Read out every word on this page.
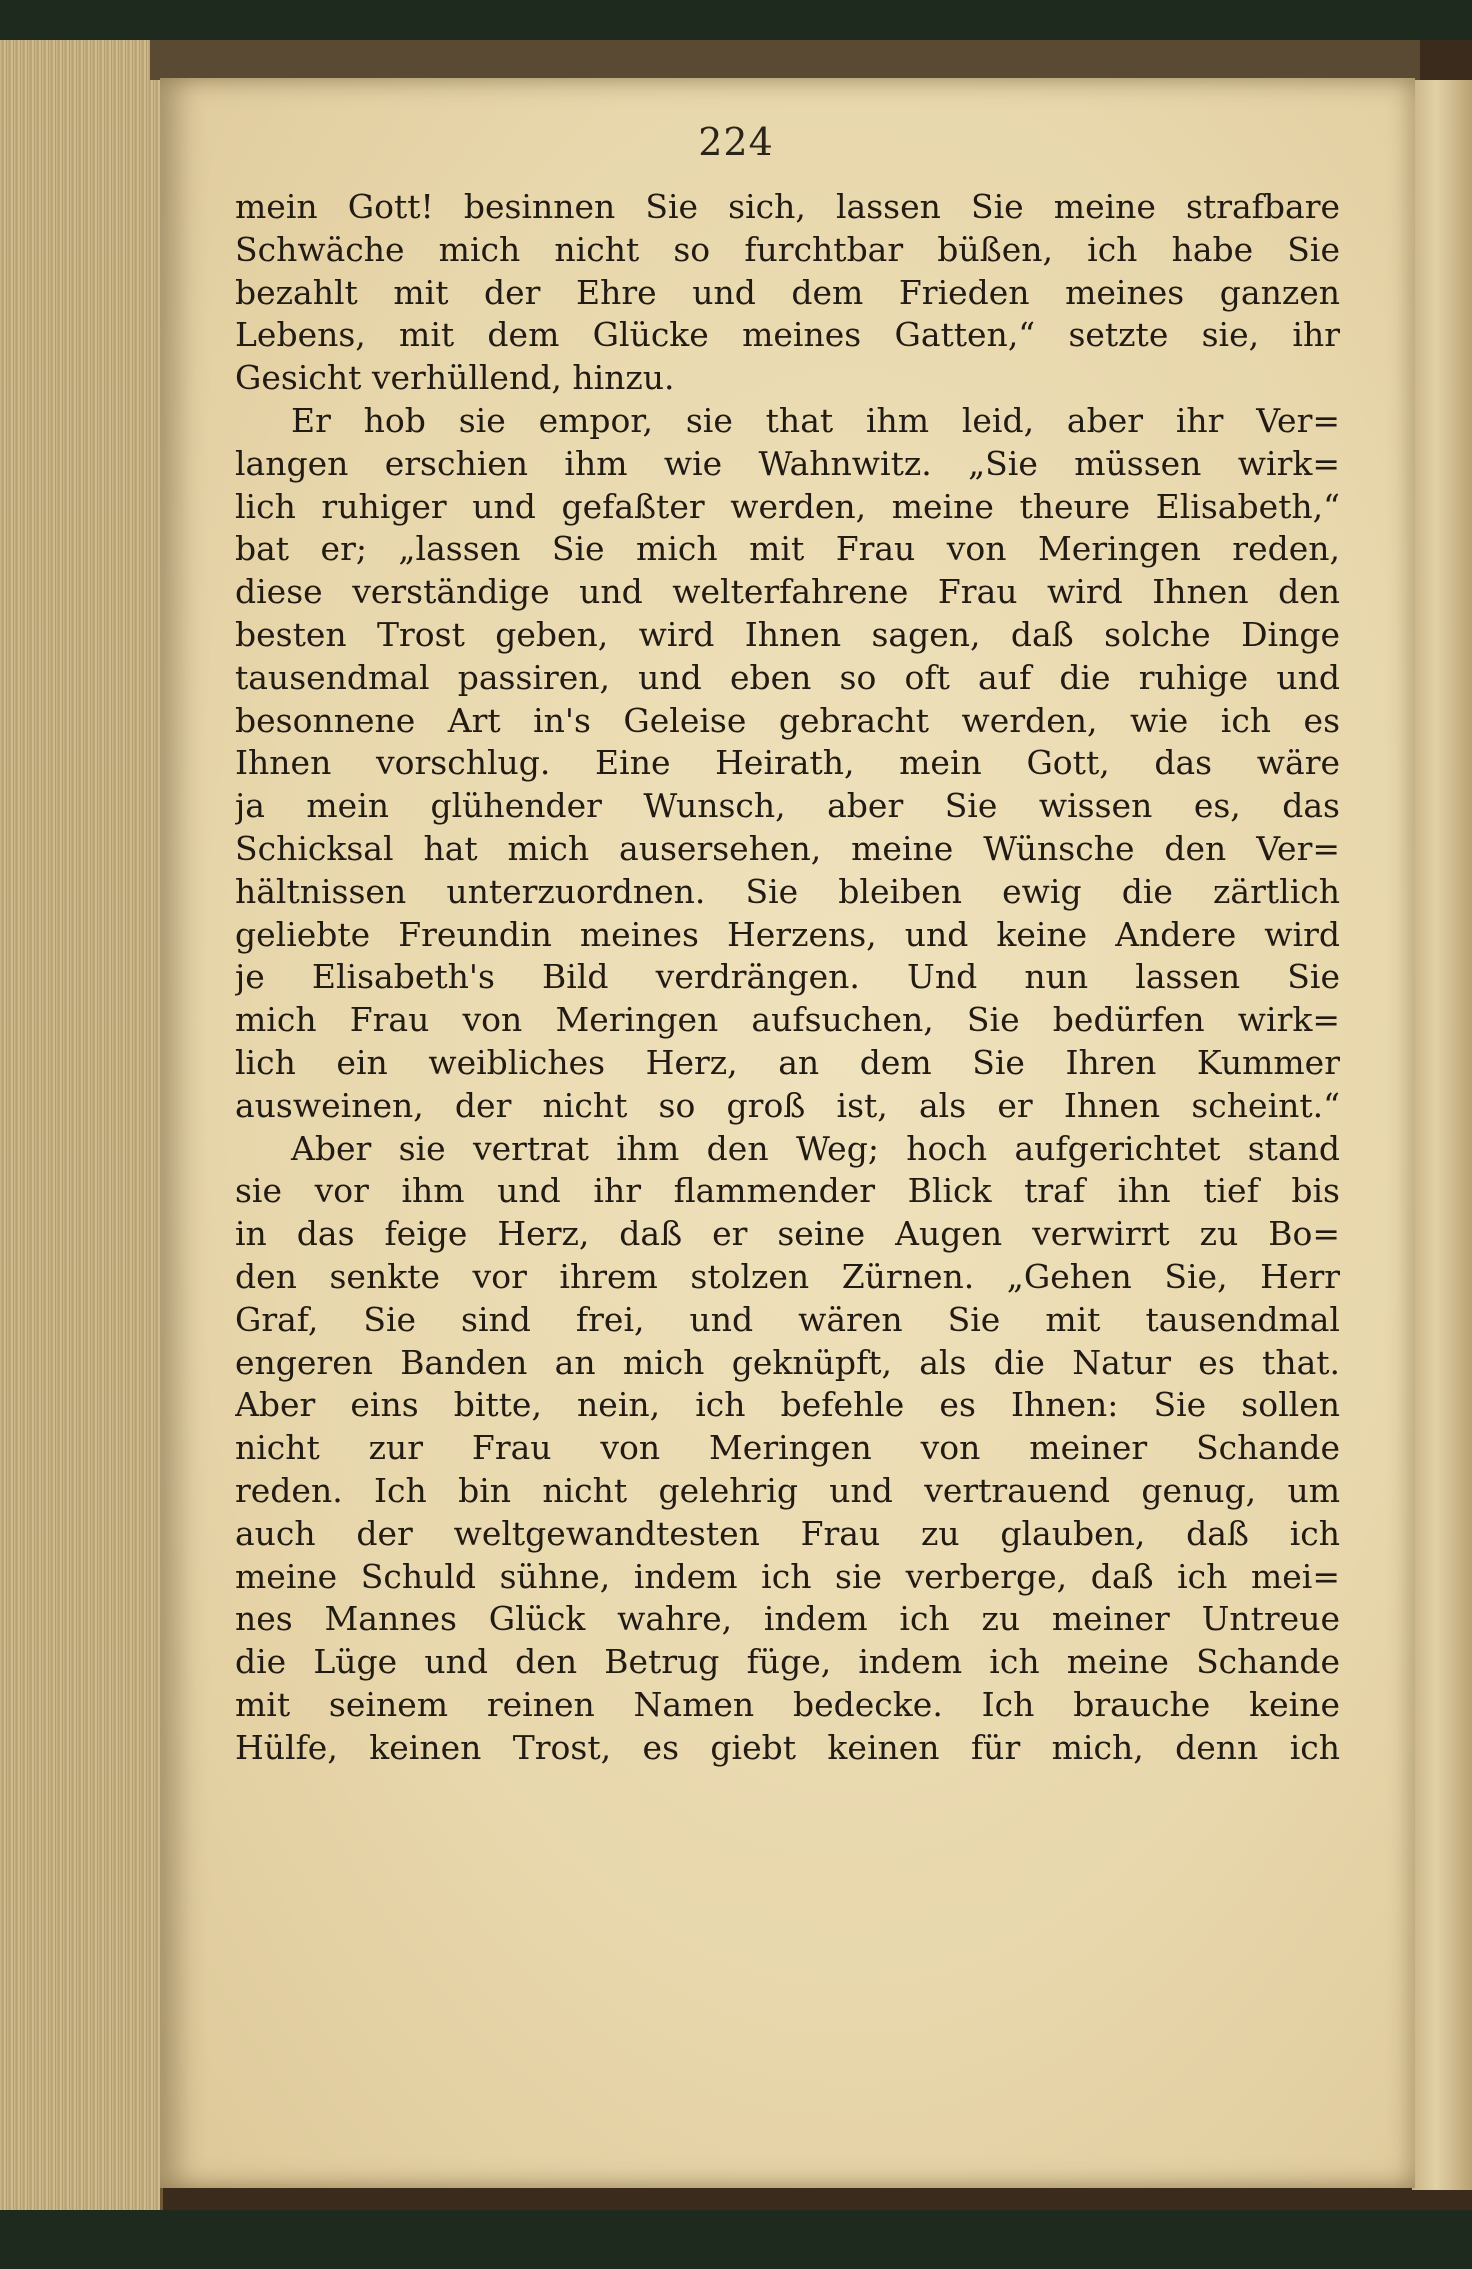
224
mein Gott! besinnen Sie sich, lassen Sie meine strafbare
Schwäche mich nicht so furchtbar büßen, ich habe Sie
bezahlt mit der Ehre und dem Frieden meines ganzen
Lebens, mit dem Glücke meines Gatten,“ setzte sie, ihr
Gesicht verhüllend, hinzu.
Er hob sie empor, sie that ihm leid, aber ihr Ver=
langen erschien ihm wie Wahnwitz. „Sie müssen wirk=
lich ruhiger und gefaßter werden, meine theure Elisabeth,“
bat er; „lassen Sie mich mit Frau von Meringen reden,
diese verständige und welterfahrene Frau wird Ihnen den
besten Trost geben, wird Ihnen sagen, daß solche Dinge
tausendmal passiren, und eben so oft auf die ruhige und
besonnene Art in's Geleise gebracht werden, wie ich es
Ihnen vorschlug. Eine Heirath, mein Gott, das wäre
ja mein glühender Wunsch, aber Sie wissen es, das
Schicksal hat mich ausersehen, meine Wünsche den Ver=
hältnissen unterzuordnen. Sie bleiben ewig die zärtlich
geliebte Freundin meines Herzens, und keine Andere wird
je Elisabeth's Bild verdrängen. Und nun lassen Sie
mich Frau von Meringen aufsuchen, Sie bedürfen wirk=
lich ein weibliches Herz, an dem Sie Ihren Kummer
ausweinen, der nicht so groß ist, als er Ihnen scheint.“
Aber sie vertrat ihm den Weg; hoch aufgerichtet stand
sie vor ihm und ihr flammender Blick traf ihn tief bis
in das feige Herz, daß er seine Augen verwirrt zu Bo=
den senkte vor ihrem stolzen Zürnen. „Gehen Sie, Herr
Graf, Sie sind frei, und wären Sie mit tausendmal
engeren Banden an mich geknüpft, als die Natur es that.
Aber eins bitte, nein, ich befehle es Ihnen: Sie sollen
nicht zur Frau von Meringen von meiner Schande
reden. Ich bin nicht gelehrig und vertrauend genug, um
auch der weltgewandtesten Frau zu glauben, daß ich
meine Schuld sühne, indem ich sie verberge, daß ich mei=
nes Mannes Glück wahre, indem ich zu meiner Untreue
die Lüge und den Betrug füge, indem ich meine Schande
mit seinem reinen Namen bedecke. Ich brauche keine
Hülfe, keinen Trost, es giebt keinen für mich, denn ich
